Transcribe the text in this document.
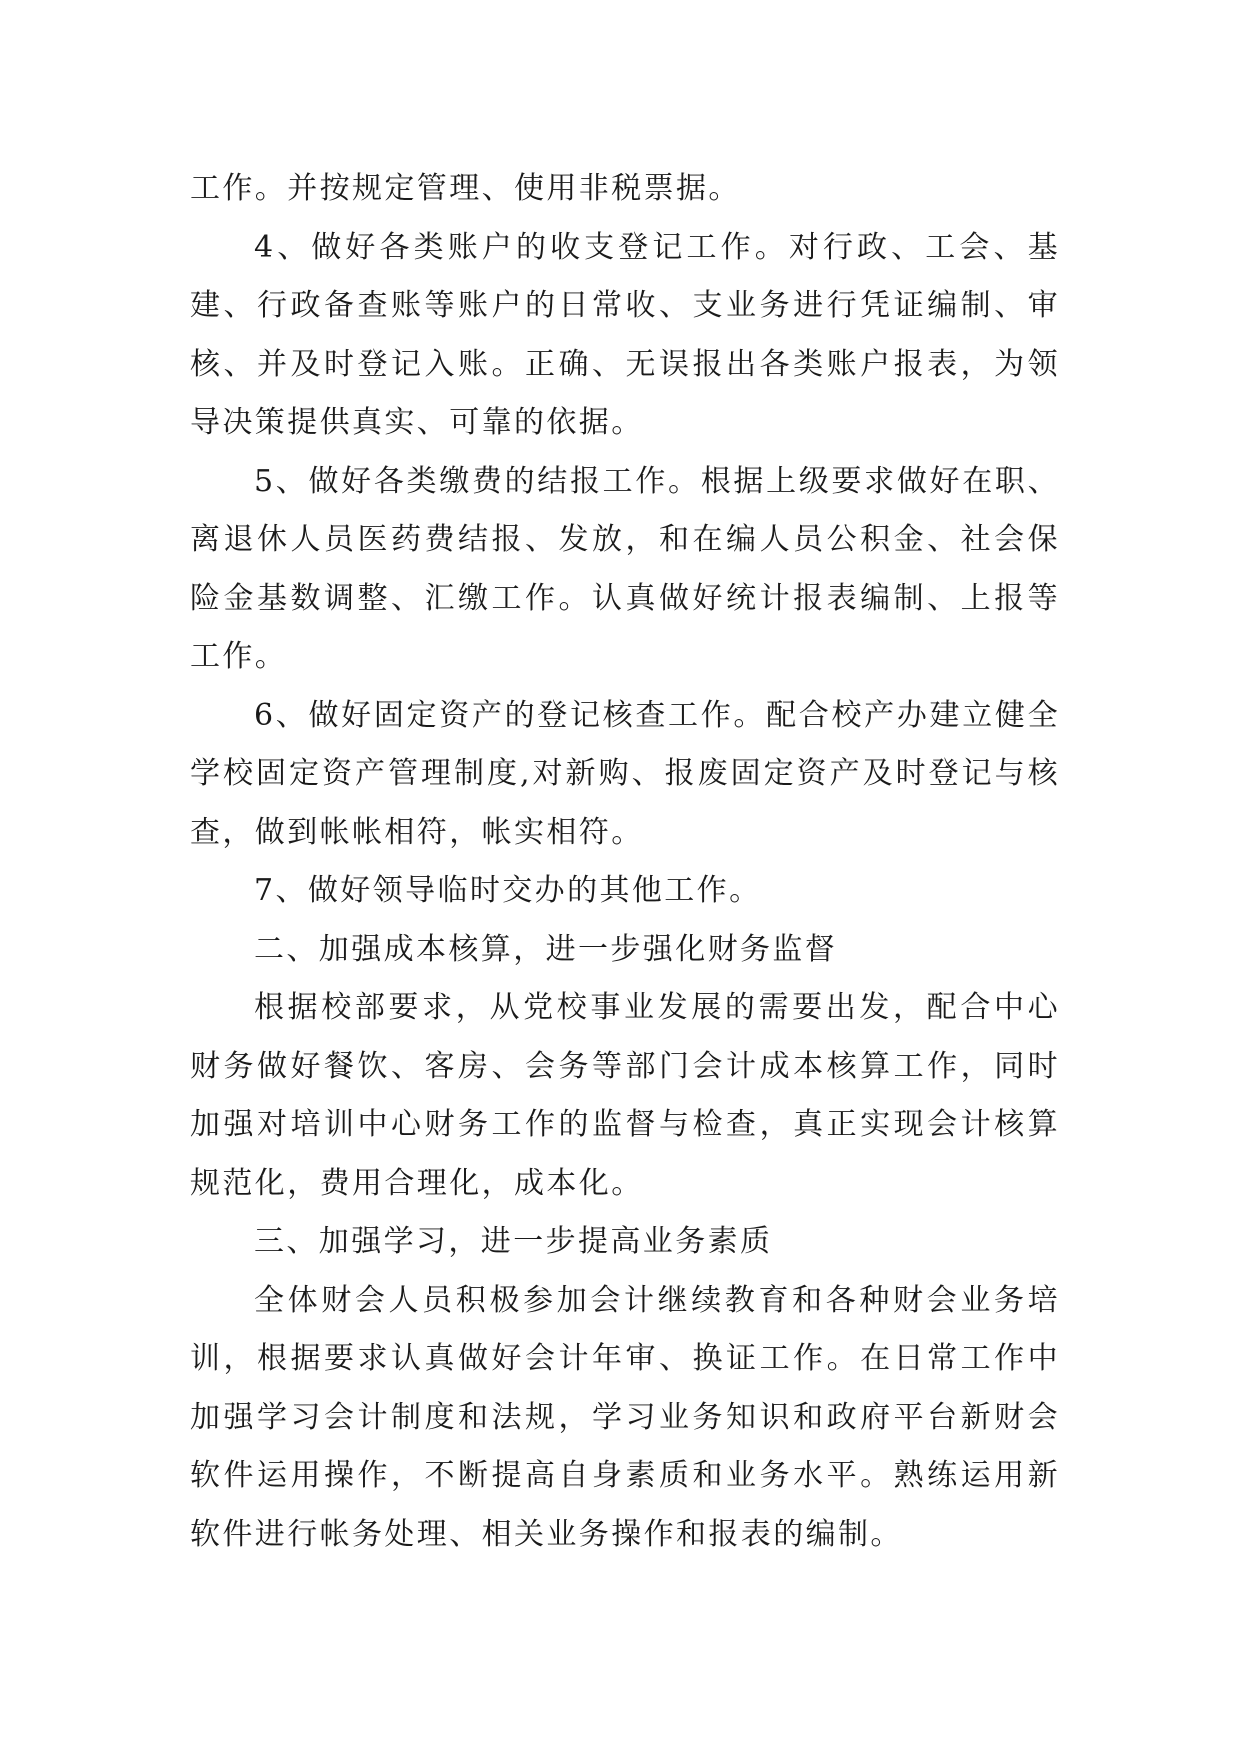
工作。并按规定管理、使用非税票据。

4、做好各类账户的收支登记工作。对行政、工会、基建、行政备查账等账户的日常收、支业务进行凭证编制、审核、并及时登记入账。正确、无误报出各类账户报表，为领导决策提供真实、可靠的依据。

5、做好各类缴费的结报工作。根据上级要求做好在职、离退休人员医药费结报、发放，和在编人员公积金、社会保险金基数调整、汇缴工作。认真做好统计报表编制、上报等工作。

6、做好固定资产的登记核查工作。配合校产办建立健全学校固定资产管理制度,对新购、报废固定资产及时登记与核查，做到帐帐相符，帐实相符。

7、做好领导临时交办的其他工作。

二、加强成本核算，进一步强化财务监督

根据校部要求，从党校事业发展的需要出发，配合中心财务做好餐饮、客房、会务等部门会计成本核算工作，同时加强对培训中心财务工作的监督与检查，真正实现会计核算规范化，费用合理化，成本化。

三、加强学习，进一步提高业务素质

全体财会人员积极参加会计继续教育和各种财会业务培训，根据要求认真做好会计年审、换证工作。在日常工作中加强学习会计制度和法规，学习业务知识和政府平台新财会软件运用操作，不断提高自身素质和业务水平。熟练运用新软件进行帐务处理、相关业务操作和报表的编制。
